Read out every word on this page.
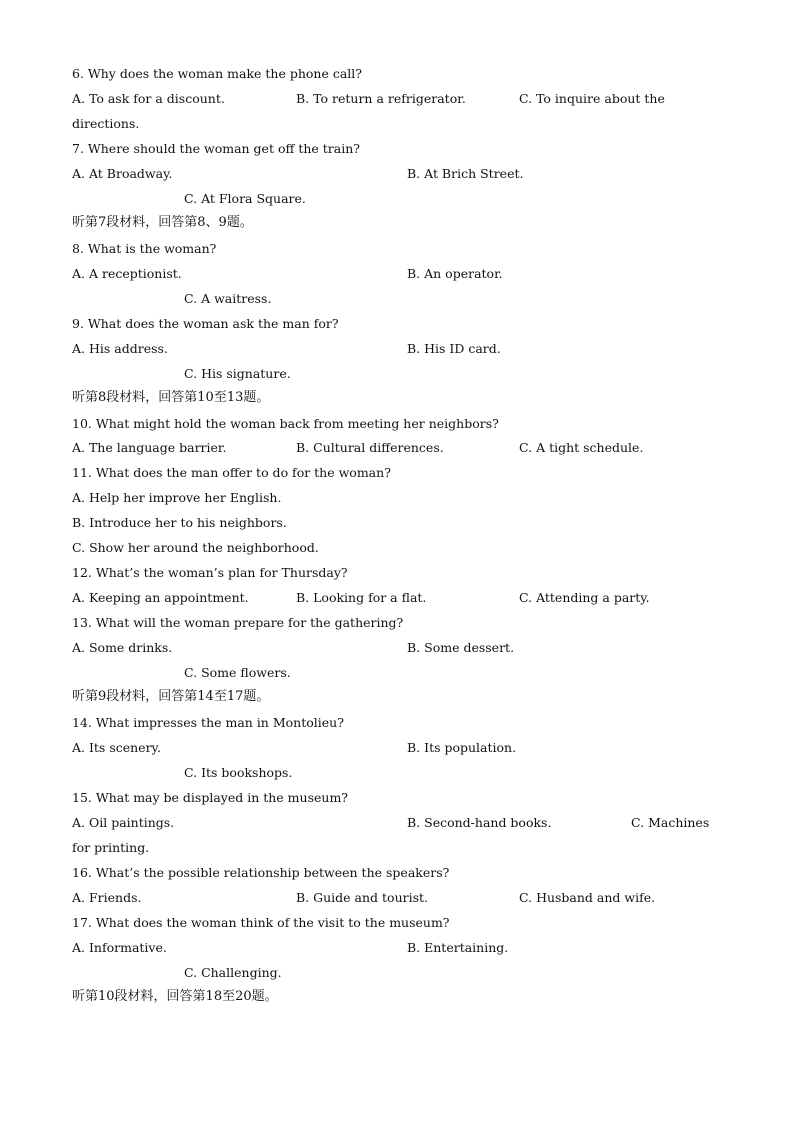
6. Why does the woman make the phone call?
A. To ask for a discount.	B. To return a refrigerator.	C. To inquire about the
directions.
7. Where should the woman get off the train?
A. At Broadway.	B. At Brich Street.
C. At Flora Square.
听第7段材料，回答第8、9题。
8. What is the woman?
A. A receptionist.	B. An operator.
C. A waitress.
9. What does the woman ask the man for?
A. His address.	B. His ID card.
C. His signature.
听第8段材料，回答第10至13题。
10. What might hold the woman back from meeting her neighbors?
A. The language barrier.	B. Cultural differences.	C. A tight schedule.
11. What does the man offer to do for the woman?
A. Help her improve her English.
B. Introduce her to his neighbors.
C. Show her around the neighborhood.
12. What’s the woman’s plan for Thursday?
A. Keeping an appointment.	B. Looking for a flat.	C. Attending a party.
13. What will the woman prepare for the gathering?
A. Some drinks.	B. Some dessert.
C. Some flowers.
听第9段材料，回答第14至17题。
14. What impresses the man in Montolieu?
A. Its scenery.	B. Its population.
C. Its bookshops.
15. What may be displayed in the museum?
A. Oil paintings.	B. Second-hand books.	C. Machines
for printing.
16. What’s the possible relationship between the speakers?
A. Friends.	B. Guide and tourist.	C. Husband and wife.
17. What does the woman think of the visit to the museum?
A. Informative.	B. Entertaining.
C. Challenging.
听第10段材料，回答第18至20题。
